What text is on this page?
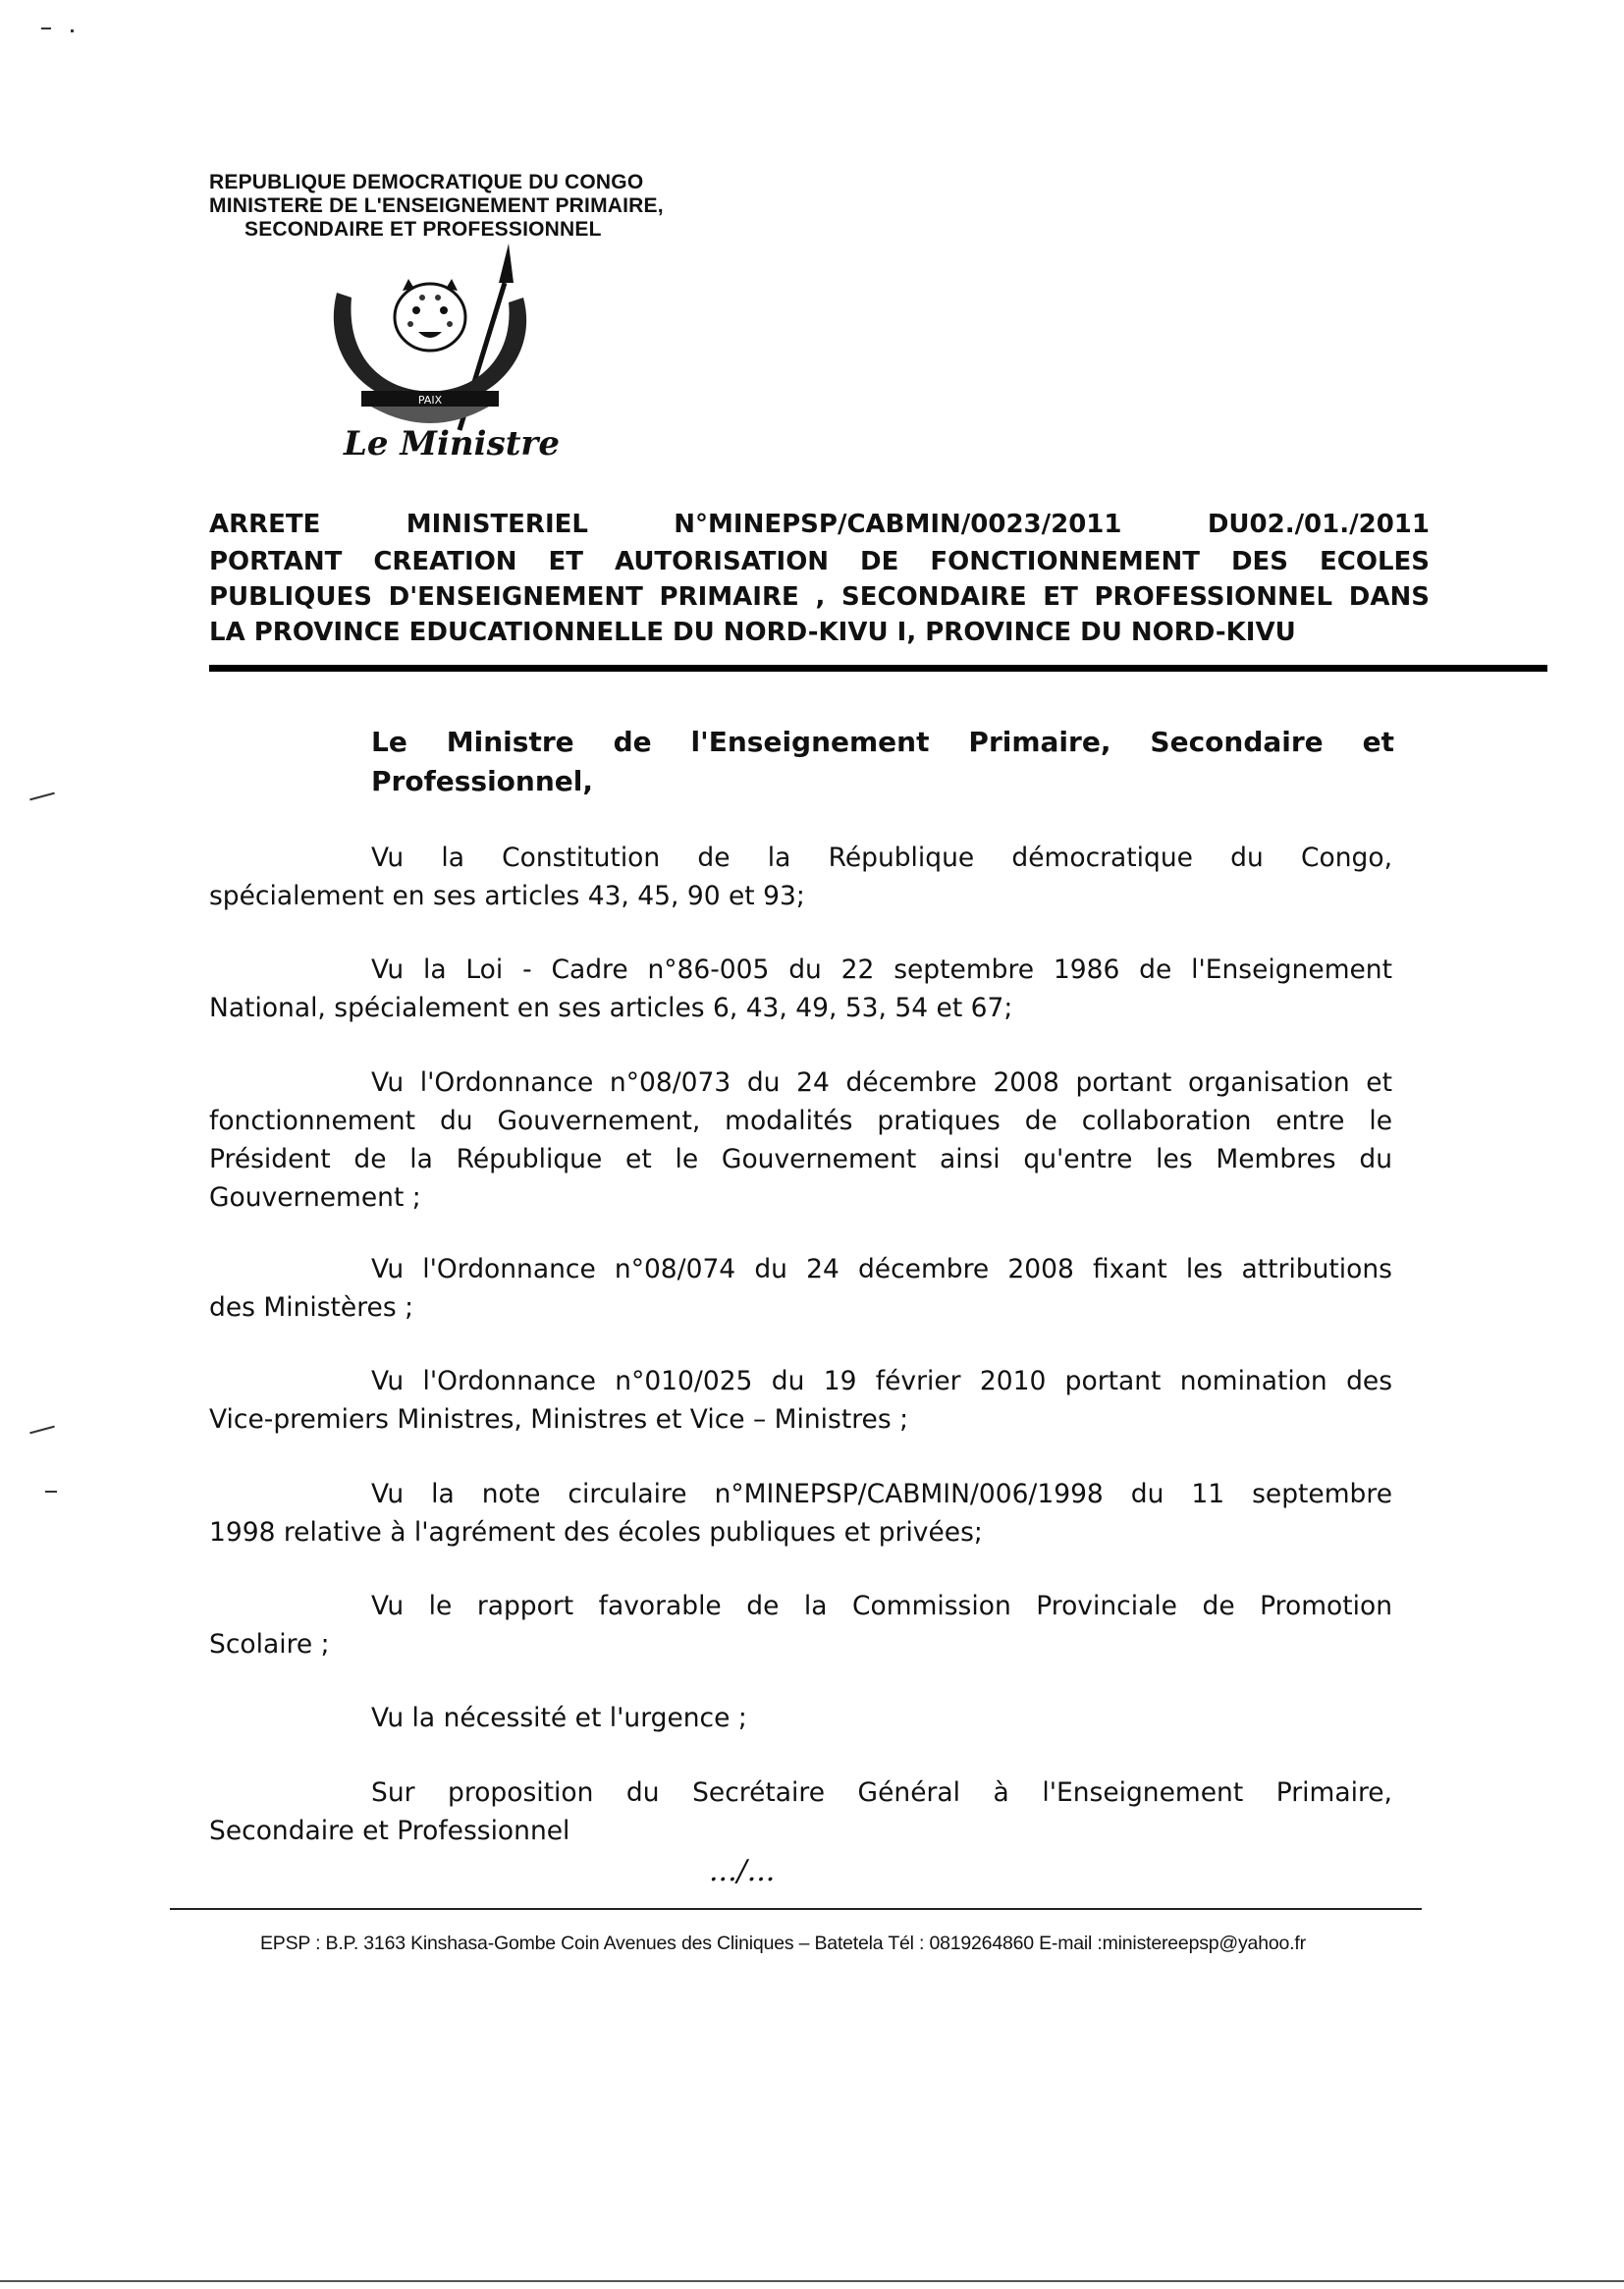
REPUBLIQUE DEMOCRATIQUE DU CONGO
MINISTERE DE L'ENSEIGNEMENT PRIMAIRE,
SECONDAIRE ET PROFESSIONNEL
PAIX
Le Ministre
ARRETE	MINISTERIEL	N°MINEPSP/CABMIN/0023/2011	DU02./01./2011
PORTANT CREATION ET AUTORISATION DE FONCTIONNEMENT DES ECOLES
PUBLIQUES D'ENSEIGNEMENT PRIMAIRE , SECONDAIRE ET PROFESSIONNEL DANS
LA PROVINCE EDUCATIONNELLE DU NORD-KIVU I, PROVINCE DU NORD-KIVU
Le Ministre de l'Enseignement Primaire, Secondaire et
Professionnel,
Vu la Constitution de la République démocratique du Congo,
spécialement en ses articles 43, 45, 90 et 93;
Vu la Loi - Cadre n°86-005 du 22 septembre 1986 de l'Enseignement
National, spécialement en ses articles 6, 43, 49, 53, 54 et 67;
Vu l'Ordonnance n°08/073 du 24 décembre 2008 portant organisation et
fonctionnement du Gouvernement, modalités pratiques de collaboration entre le
Président de la République et le Gouvernement ainsi qu'entre les Membres du
Gouvernement ;
Vu l'Ordonnance n°08/074 du 24 décembre 2008 fixant les attributions
des Ministères ;
Vu l'Ordonnance n°010/025 du 19 février 2010 portant nomination des
Vice-premiers Ministres, Ministres et Vice – Ministres ;
Vu la note circulaire n°MINEPSP/CABMIN/006/1998 du 11 septembre
1998 relative à l'agrément des écoles publiques et privées;
Vu le rapport favorable de la Commission Provinciale de Promotion
Scolaire ;
Vu la nécessité et l'urgence ;
Sur proposition du Secrétaire Général à l'Enseignement Primaire,
Secondaire et Professionnel
.../...
EPSP : B.P. 3163 Kinshasa-Gombe Coin Avenues des Cliniques – Batetela Tél : 0819264860 E-mail :ministereepsp@yahoo.fr
